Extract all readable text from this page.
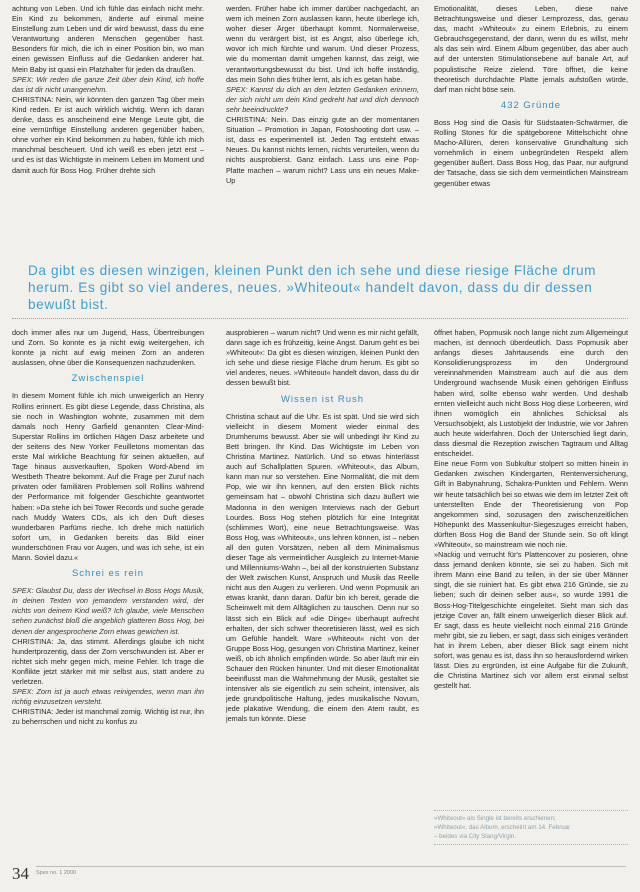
achtung von Leben. Und ich fühle das einfach nicht mehr. Ein Kind zu bekommen, änderte auf einmal meine Einstellung zum Leben und dir wird bewusst, dass du eine Verantwortung anderen Menschen gegenüber hast. Besonders für mich, die ich in einer Position bin, wo man einen gewissen Einfluss auf die Gedanken anderer hat. Mein Baby ist quasi ein Platzhalter für jeden da draußen.

SPEX: Wir reden die ganze Zeit über dein Kind, ich hoffe das ist dir nicht unangenehm.

CHRISTINA: Nein, wir könnten den ganzen Tag über mein Kind reden. Er ist auch wirklich wichtig. Wenn ich daran denke, dass es anscheinend eine Menge Leute gibt, die eine vernünftige Einstellung anderen gegenüber haben, ohne vorher ein Kind bekommen zu haben, fühle ich mich manchmal bescheuert. Und ich weiß es eben jetzt erst – und es ist das Wichtigste in meinem Leben im Moment und damit auch für Boss Hog. Früher drehte sich

werden. Früher habe ich immer darüber nachgedacht, an wem ich meinen Zorn auslassen kann, heute überlege ich, woher dieser Ärger überhaupt kommt. Normalerweise, wenn du verärgert bist, ist es Angst, also überlege ich, wovor ich mich fürchte und warum. Und dieser Prozess, wie du momentan damit umgehen kannst, das zeigt, wie verantwortungsbewusst du bist. Und ich hoffe inständig, das mein Sohn dies früher lernt, als ich es getan habe.

SPEX: Kannst du dich an den letzten Gedanken erinnern, der sich nicht um dein Kind gedreht hat und dich dennoch sehr beeindruckte?

CHRISTINA: Nein. Das einzig gute an der momentanen Situation – Promotion in Japan, Fotoshooting dort usw. – ist, dass es experimentell ist. Jeden Tag entsteht etwas Neues. Du kannst nichts lernen, nichts verurteilen, wenn du nichts ausprobierst. Ganz einfach. Lass uns eine Pop-Platte machen – warum nicht? Lass uns ein neues Make-Up

Emotionalität, dieses Leben, diese naive Betrachtungsweise und dieser Lernprozess, das, genau das, macht »Whiteout« zu einem Erlebnis, zu einem Gebrauchsgegenstand, der dann, wenn du es willst, mehr als das sein wird. Einem Album gegenüber, das aber auch auf der untersten Stimulationsebene auf banale Art, auf populistische Reize zielend. Töre öffnet, die keine theoretisch durchdachte Platte jemals aufstoßen würde, darf man nicht böse sein.

432 Gründe

Boss Hog sind die Oasis für Südstaaten-Schwärmer, die Rolling Stones für die spätgeborene Mittelschicht ohne Macho-Allüren, deren konservative Grundhaltung sich vornehmlich in einem unbegründeten Respekt allem gegenüber äußert. Dass Boss Hog, das Paar, nur aufgrund der Tatsache, dass sie sich dem vermeintlichen Mainstream gegenüber etwas

Da gibt es diesen winzigen, kleinen Punkt den ich sehe und diese riesige Fläche drum herum. Es gibt so viel anderes, neues. »Whiteout« handelt davon, dass du dir dessen bewußt bist.

doch immer alles nur um Jugend, Hass, Übertreibungen und Zorn. So konnte es ja nicht ewig weitergehen, ich konnte ja nicht auf ewig meinen Zorn an anderen auslassen, ohne über die Konsequenzen nachzudenken.

Zwischenspiel

In diesem Moment fühle ich mich unweigerlich an Henry Rollins erinnert. Es gibt diese Legende, dass Christina, als sie noch in Washington wohnte, zusammen mit dem damals noch Henry Garfield genannten Clear-Mind-Superstar Rollins im örtlichen Hägen Dasz arbeitete und der seitens des New Yorker Feuilletons momentan das erste Mal wirkliche Beachtung für seinen aktuellen, auf Tage hinaus ausverkauften, Spoken Word-Abend im Westbeth Theatre bekommt. Auf die Frage per Zuruf nach privaten oder familiären Problemen soll Rollins während der Performance mit folgender Geschichte geantwortet haben: »Da stehe ich bei Tower Records und suche gerade nach Muddy Waters CDs, als ich den Duft dieses wunderbaren Parfüms rieche. Ich drehe mich natürlich sofort um, in Gedanken bereits das Bild einer wunderschönen Frau vor Augen, und was ich sehe, ist ein Mann. Soviel dazu.«

Schrei es rein

SPEX: Glaubst Du, dass der Wechsel in Boss Hogs Musik, in deinen Texten von jemandem verstanden wird, der nichts von deinem Kind weiß? Ich glaube, viele Menschen sehen zunächst bloß die angeblich glatteren Boss Hog, bei denen der angesprochene Zorn etwas gewichen ist.

CHRISTINA: Ja, das stimmt. Allerdings glaube ich nicht hundertprozentig, dass der Zorn verschwunden ist. Aber er richtet sich mehr gegen mich, meine Fehler. Ich trage die Konflikte jetzt stärker mit mir selbst aus, statt andere zu verletzen.

SPEX: Zorn ist ja auch etwas reinigendes, wenn man ihn richtig einzusetzen versteht.

CHRISTINA: Jeder ist manchmal zornig. Wichtig ist nur, ihn zu beherrschen und nicht zu konfus zu

ausprobieren – warum nicht? Und wenn es mir nicht gefällt, dann sage ich es frühzeitig, keine Angst. Darum geht es bei »Whiteout«: Da gibt es diesen winzigen, kleinen Punkt den ich sehe und diese riesige Fläche drum herum. Es gibt so viel anderes, neues. »Whiteout« handelt davon, dass du dir dessen bewußt bist.

Wissen ist Rush

Christina schaut auf die Uhr. Es ist spät. Und sie wird sich vielleicht in diesem Moment wieder einmal des Drumherums bewusst. Aber sie will unbedingt ihr Kind zu Bett bringen. Ihr Kind. Das Wichtigste im Leben von Christina Martinez. Natürlich. Und so etwas hinterlässt auch auf Schallplatten Spuren. »Whiteout«, das Album, kann man nur so verstehen. Eine Normalität, die mit dem Pop, wie wir ihn kennen, auf den ersten Blick nichts gemeinsam hat – obwohl Christina sich dazu äußert wie Madonna in den wenigen Interviews nach der Geburt Lourdes. Boss Hog stehen plötzlich für eine Integrität (schlimmes Wort), eine neue Betrachtungsweise. Was Boss Hog, was »Whiteout«, uns lehren können, ist – neben all den guten Vorsätzen, neben all dem Minimalismus dieser Tage als vermeintlicher Ausgleich zu Internet-Manie und Millenniums-Wahn –, bei all der konstruierten Substanz der Welt zwischen Kunst, Anspruch und Musik das Reelle nicht aus den Augen zu verlieren. Und wenn Popmusik an etwas krankt, dann daran. Dafür bin ich bereit, gerade die Scheinwelt mit dem Alltäglichen zu tauschen. Denn nur so lässt sich ein Blick auf »die Dinge« überhaupt aufrecht erhalten, der sich schwer theoretisieren lässt, weil es sich um Gefühle handelt. Ware »Whiteout« nicht von der Gruppe Boss Hog, gesungen von Christina Martinez, keiner weiß, ob ich ähnlich empfinden würde. So aber läuft mir ein Schauer den Rücken hinunter. Und mit dieser Emotionalität beeinflusst man die Wahrnehmung der Musik, gestaltet sie intensiver als sie eigentlich zu sein scheint, intensiver, als jede grundpolitische Haltung, jedes musikalische Novum, jede plakative Wendung, die einem den Atem raubt, es jemals tun könnte. Diese

öffnet haben, Popmusik noch lange nicht zum Allgemeingut machen, ist dennoch überdeutlich. Dass Popmusik aber anfangs dieses Jahrtausends eine durch den Konsolidierungsprozess im den Underground vereinnahmenden Mainstream auch auf die aus dem Underground wachsende Musik einen gehörigen Einfluss haben wird, sollte ebenso wahr werden. Und deshalb ernten vielleicht auch nicht Boss Hog diese Lorbeeren, wird ihnen womöglich ein ähnliches Schicksal als Versuchsobjekt, als Lustobjekt der Industrie, wie vor Jahren auch heute widerfahren. Doch der Unterschied liegt darin, dass diesmal die Rezeption zwischen Tagtraum und Alltag entscheidet.

Eine neue Form von Subkultur stolpert so mitten hinein in Gedanken zwischen Kindergarten, Rentenversicherung, Gift in Babynahrung, Schakra-Punkten und Fehlern. Wenn wir heute tatsächlich bei so etwas wie dem im letzter Zeit oft unterstellten Ende der Theoretisierung von Pop angekommen sind, sozusagen den zwischenzeitlichen Höhepunkt des Massenkultur-Siegeszuges erreicht haben, dürften Boss Hog die Band der Stunde sein. So oft klingt »Whiteout«, so mainstream wie noch nie.

»Nackig und verrucht für's Plattencover zu posieren, ohne dass jemand denken könnte, sie sei zu haben. Sich mit ihrem Mann eine Band zu teilen, in der sie über Männer singt, die sie ruiniert hat. Es gibt etwa 216 Gründe, sie zu lieben; such dir deinen selber aus«, so wurde 1991 die Boss-Hog-Titelgeschichte eingeleitet. Sieht man sich das jetzige Cover an, fällt einem unweigerlich dieser Blick auf. Er sagt, dass es heute vielleicht noch einmal 216 Gründe mehr gibt, sie zu lieben, er sagt, dass sich einiges verändert hat in ihrem Leben, aber dieser Blick sagt einem nicht sofort, was genau es ist, dass ihn so herausfordernd wirken lässt. Dies zu ergründen, ist eine Aufgabe für die Zukunft, die Christina Martinez sich vor allem erst einmal selbst gestellt hat.

»Whiteout« als Single ist bereits erschienen;
»Whiteout«, das Album, erscheint am 14. Februar
– beides via City Slang/Virgin.
34 Spex no. 1 2000
